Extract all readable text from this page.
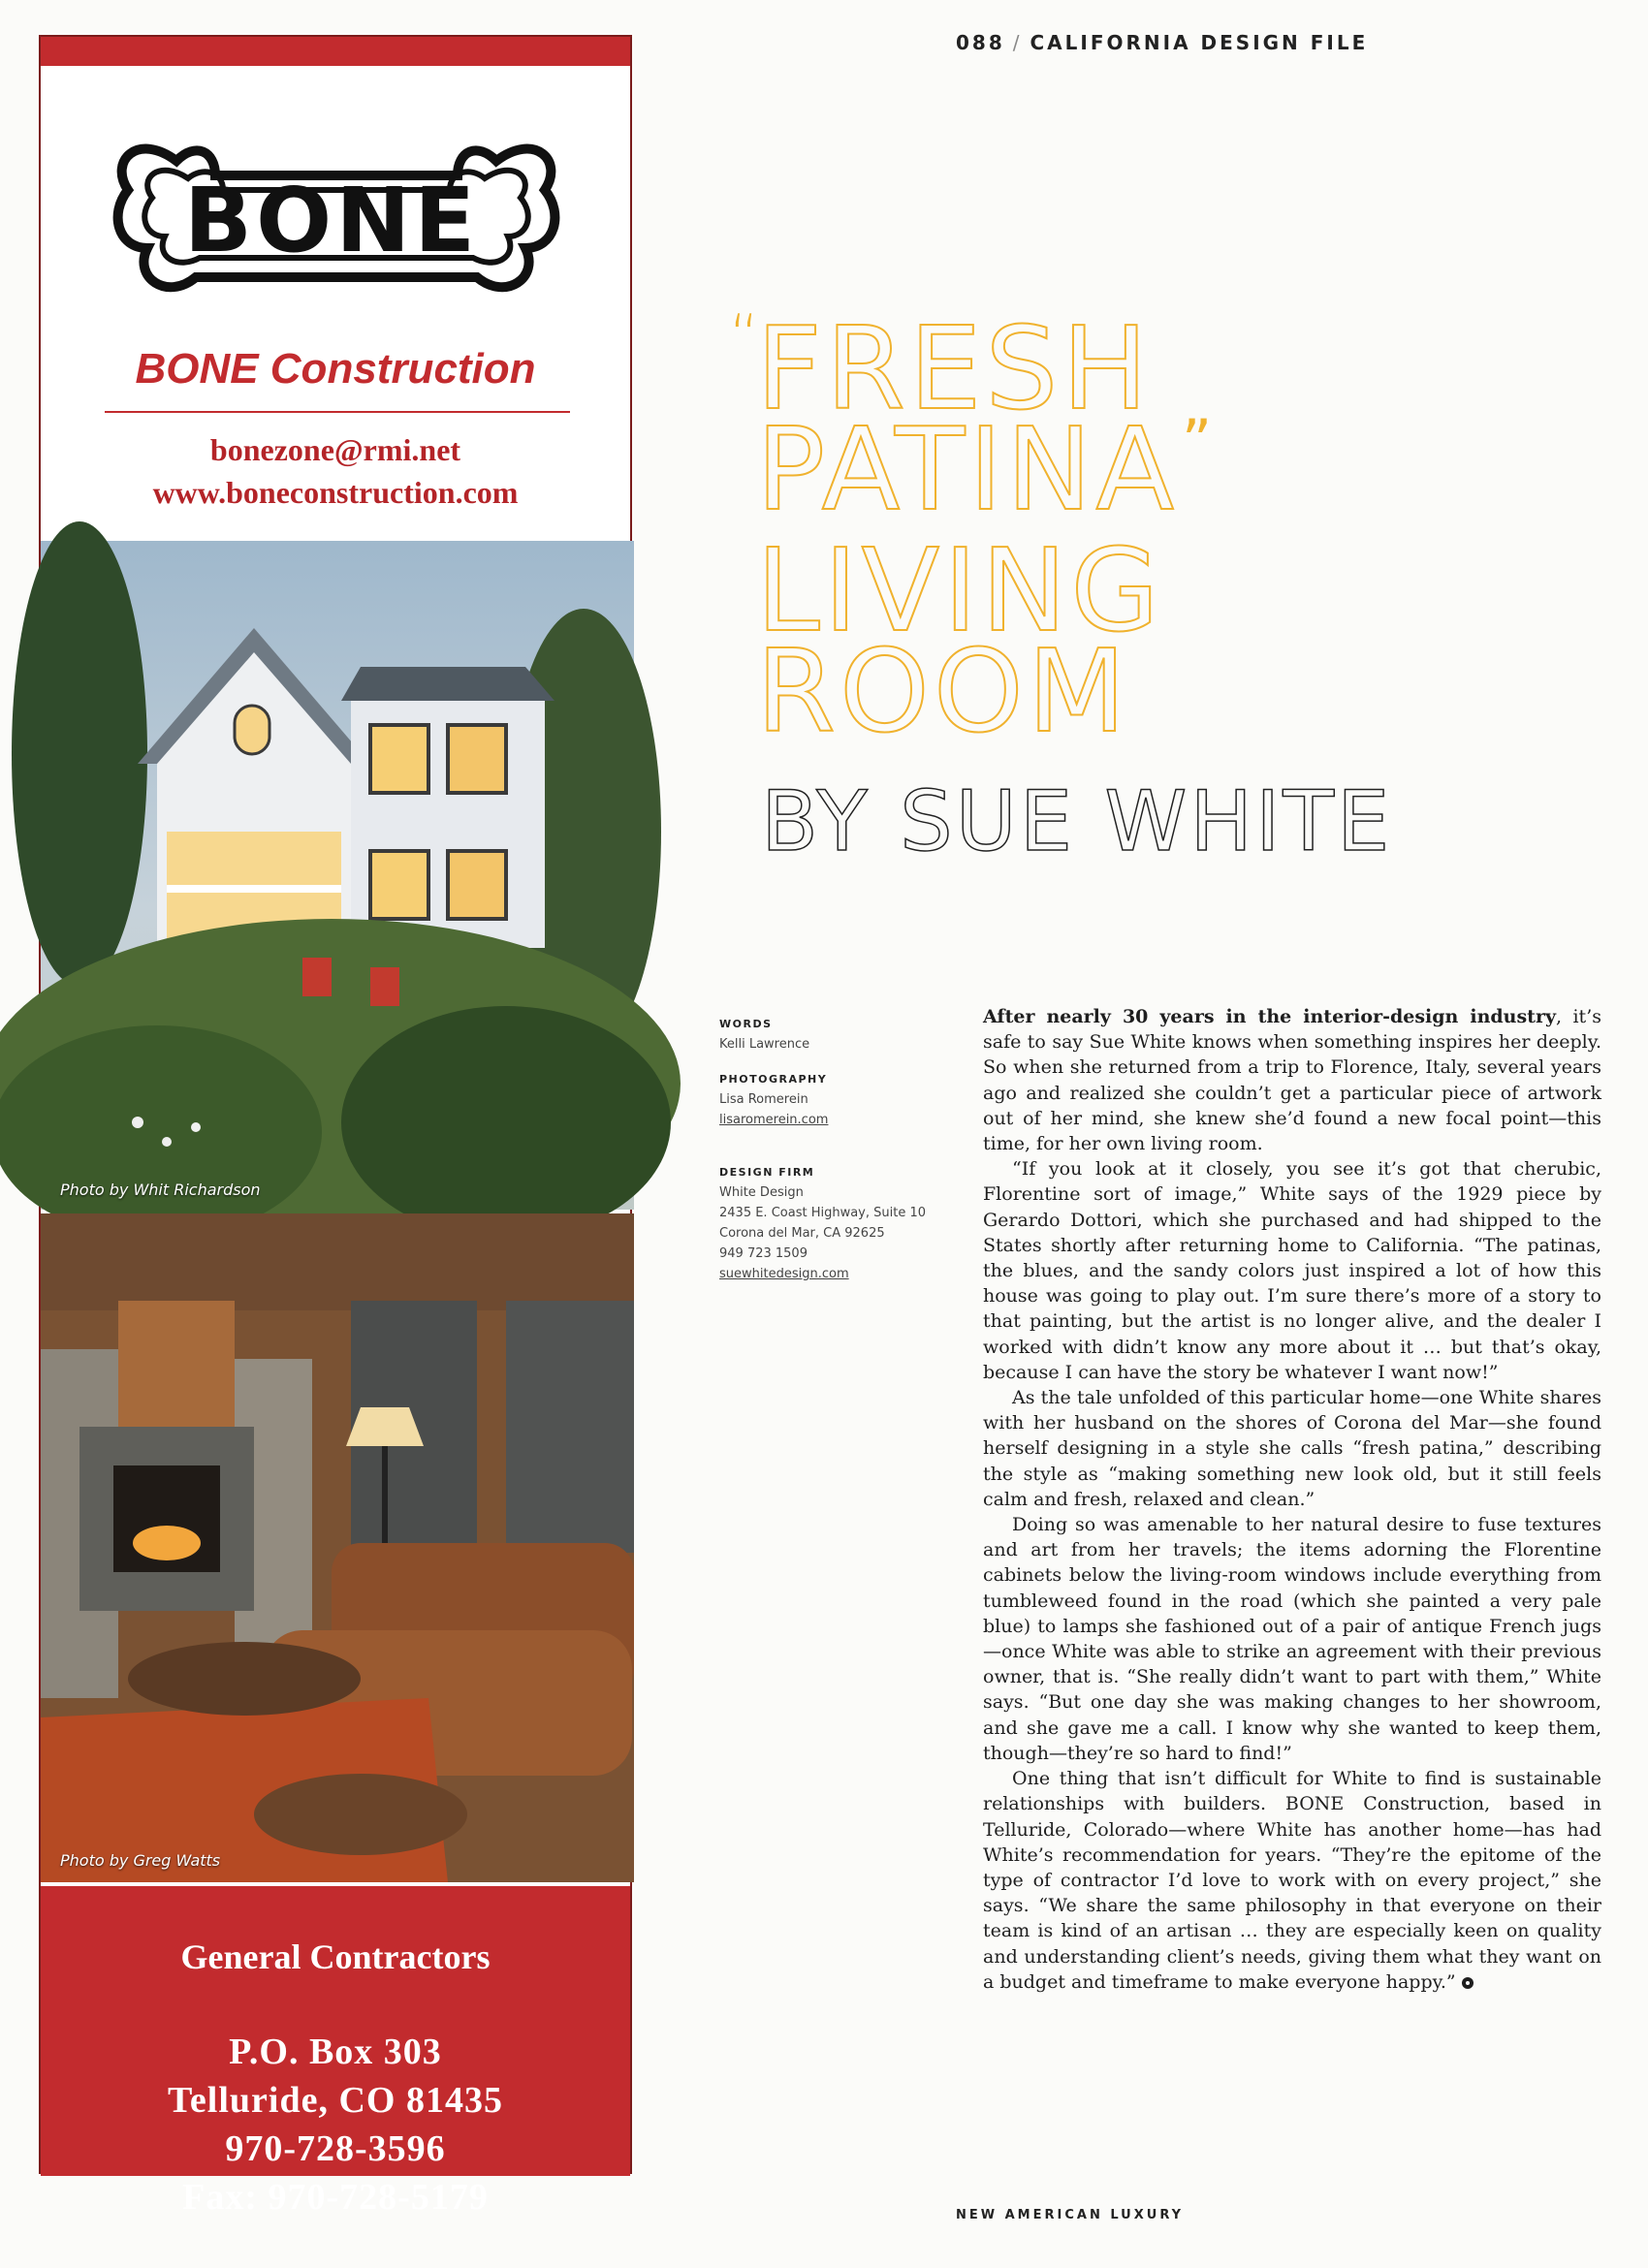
088 / CALIFORNIA DESIGN FILE
BONE
BONE Construction
bonezone@rmi.net
www.boneconstruction.com
Photo by Whit Richardson
Photo by Greg Watts
General Contractors
P.O. Box 303
Telluride, CO 81435
970-728-3596
Fax: 970-728-5179
“
FRESH
PATINA”
LIVING
ROOM
BY SUE WHITE
WORDS
Kelli Lawrence
PHOTOGRAPHY
Lisa Romerein
lisaromerein.com
DESIGN FIRM
White Design
2435 E. Coast Highway, Suite 10
Corona del Mar, CA 92625
949 723 1509
suewhitedesign.com

After nearly 30 years in the interior-design industry, it’s safe to say Sue White knows when something inspires her deeply. So when she returned from a trip to Florence, Italy, several years ago and realized she couldn’t get a particular piece of artwork out of her mind, she knew she’d found a new focal point—this time, for her own living room.

“If you look at it closely, you see it’s got that cherubic, Florentine sort of image,” White says of the 1929 piece by Gerardo Dottori, which she purchased and had shipped to the States shortly after returning home to California. “The patinas, the blues, and the sandy colors just inspired a lot of how this house was going to play out. I’m sure there’s more of a story to that painting, but the artist is no longer alive, and the dealer I worked with didn’t know any more about it … but that’s okay, because I can have the story be whatever I want now!”

As the tale unfolded of this particular home—one White shares with her husband on the shores of Corona del Mar—she found herself designing in a style she calls “fresh patina,” describing the style as “making something new look old, but it still feels calm and fresh, relaxed and clean.”

Doing so was amenable to her natural desire to fuse textures and art from her travels; the items adorning the Florentine cabinets below the living-room windows include everything from tumbleweed found in the road (which she painted a very pale blue) to lamps she fashioned out of a pair of antique French jugs—once White was able to strike an agreement with their previous owner, that is. “She really didn’t want to part with them,” White says. “But one day she was making changes to her showroom, and she gave me a call. I know why she wanted to keep them, though—they’re so hard to find!”

One thing that isn’t difficult for White to find is sustainable relationships with builders. BONE Construction, based in Telluride, Colorado—where White has another home—has had White’s recommendation for years. “They’re the epitome of the type of contractor I’d love to work with on every project,” she says. “We share the same philosophy in that everyone on their team is kind of an artisan … they are especially keen on quality and understanding client’s needs, giving them what they want on a budget and timeframe to make everyone happy.”

NEW AMERICAN LUXURY
